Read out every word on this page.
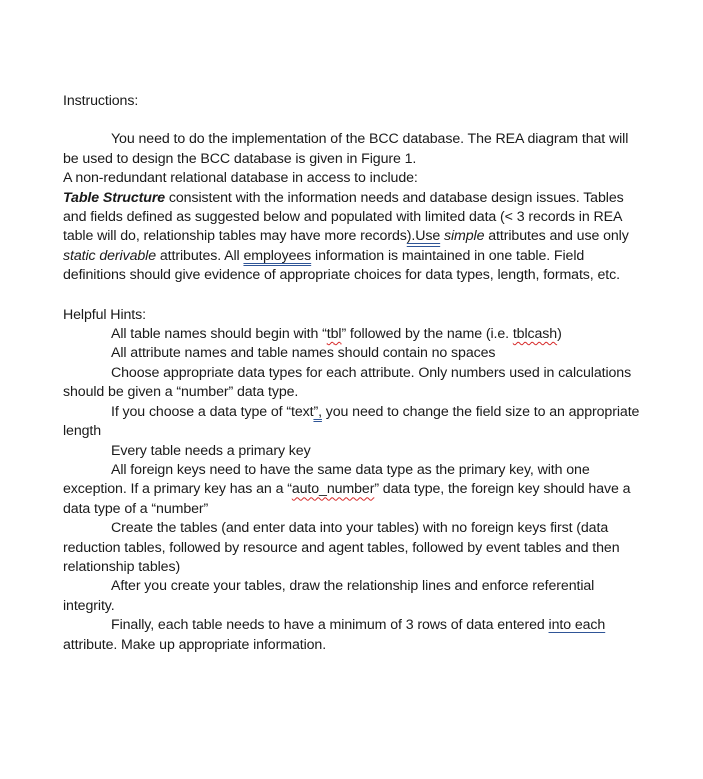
Instructions:

You need to do the implementation of the BCC database. The REA diagram that will be used to design the BCC database is given in Figure 1.

A non-redundant relational database in access to include:

Table Structure consistent with the information needs and database design issues. Tables and fields defined as suggested below and populated with limited data (< 3 records in REA table will do, relationship tables may have more records).Use simple attributes and use only static derivable attributes. All employees information is maintained in one table. Field definitions should give evidence of appropriate choices for data types, length, formats, etc.

Helpful Hints:

All table names should begin with “tbl” followed by the name (i.e. tblcash)

All attribute names and table names should contain no spaces

Choose appropriate data types for each attribute. Only numbers used in calculations should be given a “number” data type.

If you choose a data type of “text”, you need to change the field size to an appropriate length

Every table needs a primary key

All foreign keys need to have the same data type as the primary key, with one exception. If a primary key has an a “auto_number” data type, the foreign key should have a data type of a “number”

Create the tables (and enter data into your tables) with no foreign keys first (data reduction tables, followed by resource and agent tables, followed by event tables and then relationship tables)

After you create your tables, draw the relationship lines and enforce referential integrity.

Finally, each table needs to have a minimum of 3 rows of data entered into each attribute. Make up appropriate information.
